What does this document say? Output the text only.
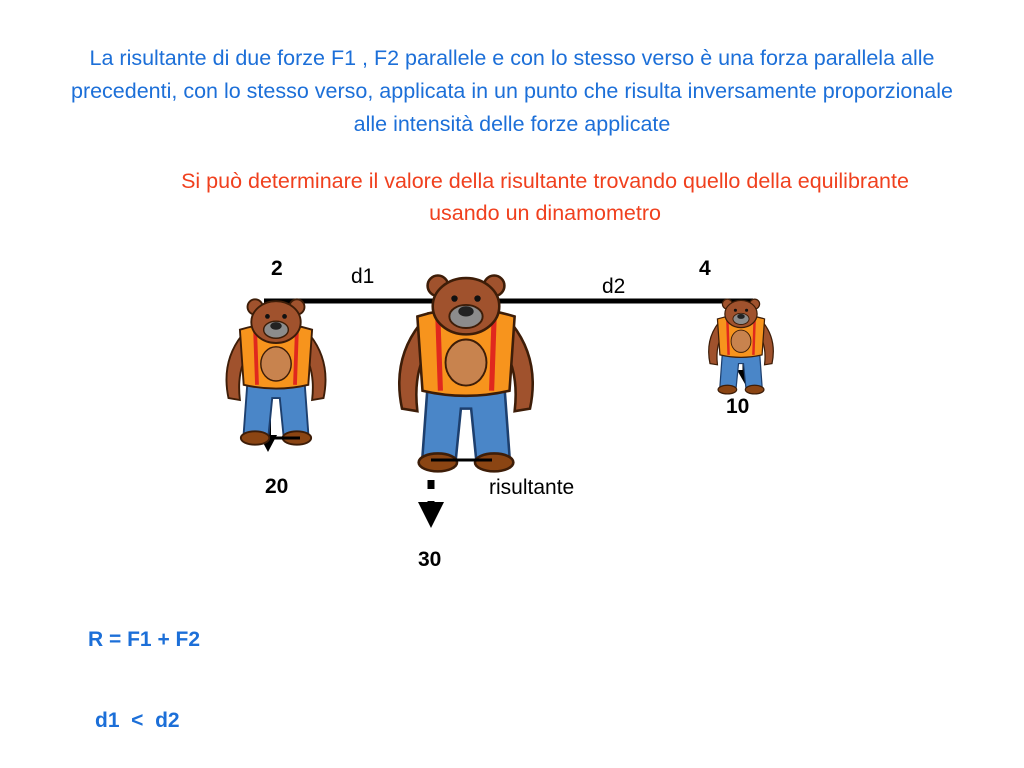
La risultante di due forze F1 , F2 parallele e con lo stesso verso è una forza parallela alle precedenti, con lo stesso verso, applicata in un punto che risulta inversamente proporzionale alle intensità delle forze applicate
Si può determinare il valore della risultante trovando quello della equilibrante usando un dinamometro
2	4
d1	d2
10
20	risultante
30
R = F1 + F2
d1  <  d2
